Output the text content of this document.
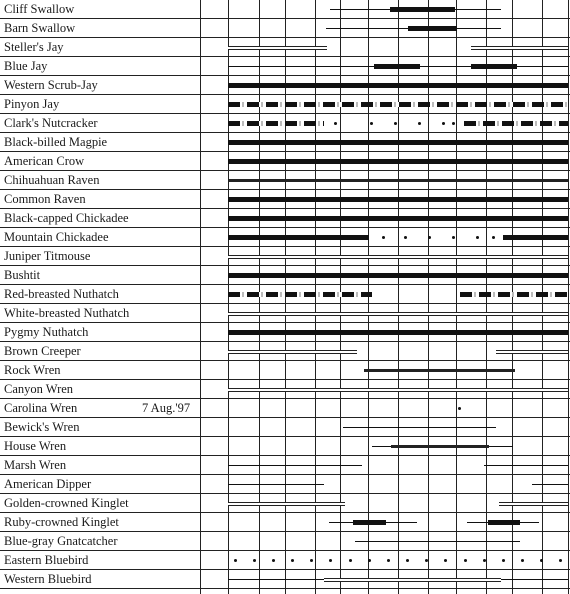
Cliff Swallow
Barn Swallow
Steller's Jay
Blue Jay
Western Scrub-Jay
Pinyon Jay
Clark's Nutcracker
Black-billed Magpie
American Crow
Chihuahuan Raven
Common Raven
Black-capped Chickadee
Mountain Chickadee
Juniper Titmouse
Bushtit
Red-breasted Nuthatch
White-breasted Nuthatch
Pygmy Nuthatch
Brown Creeper
Rock Wren
Canyon Wren
Carolina Wren	7 Aug.'97
Bewick's Wren
House Wren
Marsh Wren
American Dipper
Golden-crowned Kinglet
Ruby-crowned Kinglet
Blue-gray Gnatcatcher
Eastern Bluebird
Western Bluebird
